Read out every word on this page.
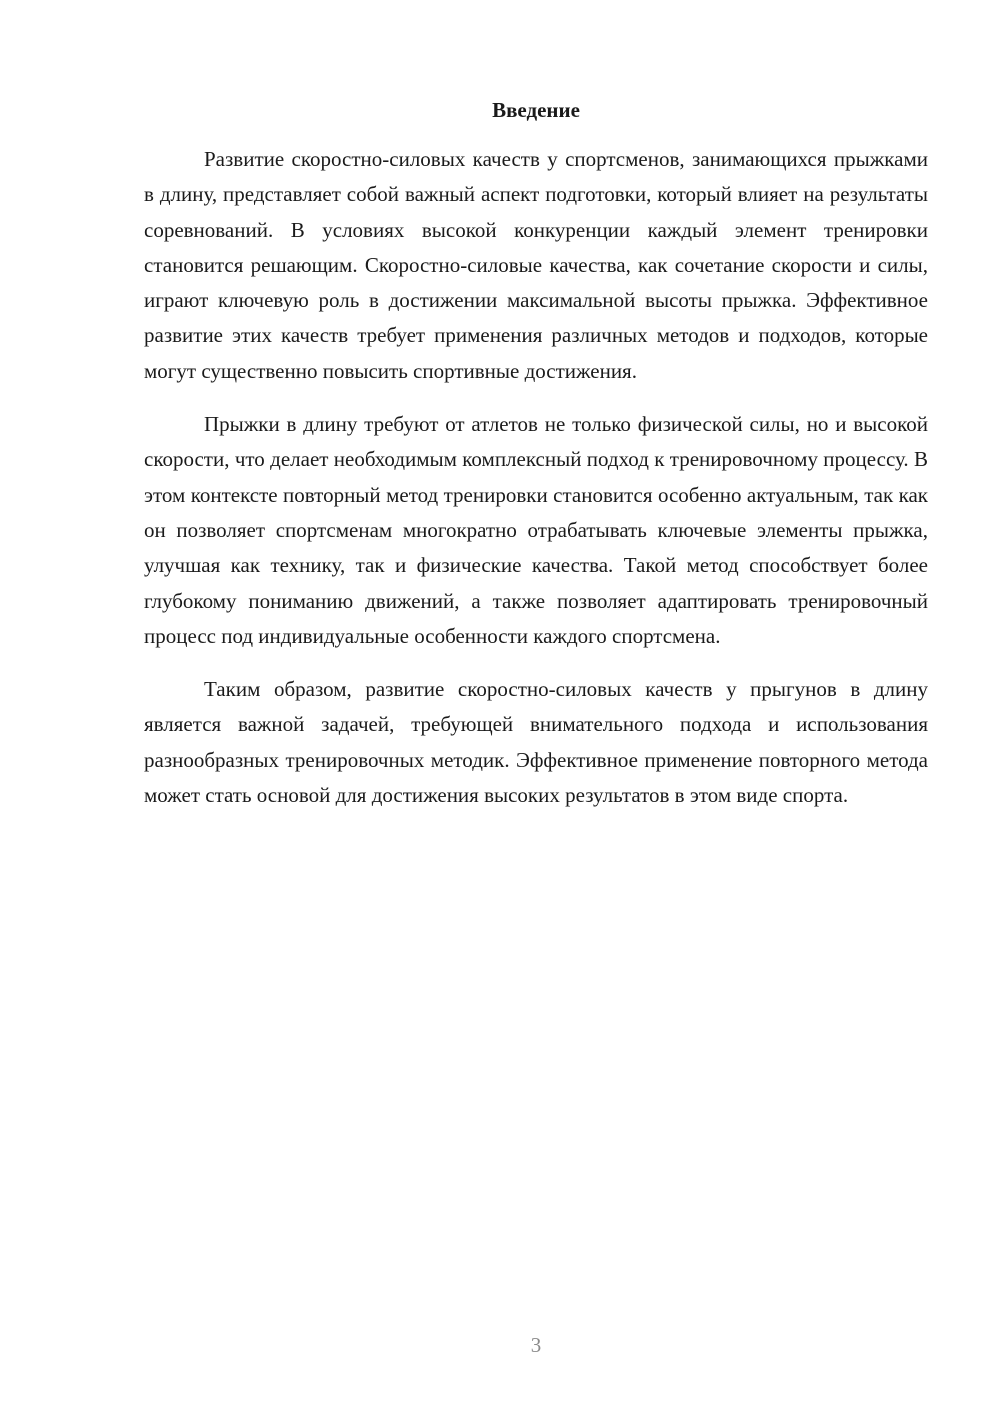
Введение

Развитие скоростно-силовых качеств у спортсменов, занимающихся прыжками в длину, представляет собой важный аспект подготовки, который влияет на результаты соревнований. В условиях высокой конкуренции каждый элемент тренировки становится решающим. Скоростно-силовые качества, как сочетание скорости и силы, играют ключевую роль в достижении максимальной высоты прыжка. Эффективное развитие этих качеств требует применения различных методов и подходов, которые могут существенно повысить спортивные достижения.

Прыжки в длину требуют от атлетов не только физической силы, но и высокой скорости, что делает необходимым комплексный подход к тренировочному процессу. В этом контексте повторный метод тренировки становится особенно актуальным, так как он позволяет спортсменам многократно отрабатывать ключевые элементы прыжка, улучшая как технику, так и физические качества. Такой метод способствует более глубокому пониманию движений, а также позволяет адаптировать тренировочный процесс под индивидуальные особенности каждого спортсмена.

Таким образом, развитие скоростно-силовых качеств у прыгунов в длину является важной задачей, требующей внимательного подхода и использования разнообразных тренировочных методик. Эффективное применение повторного метода может стать основой для достижения высоких результатов в этом виде спорта.

3
